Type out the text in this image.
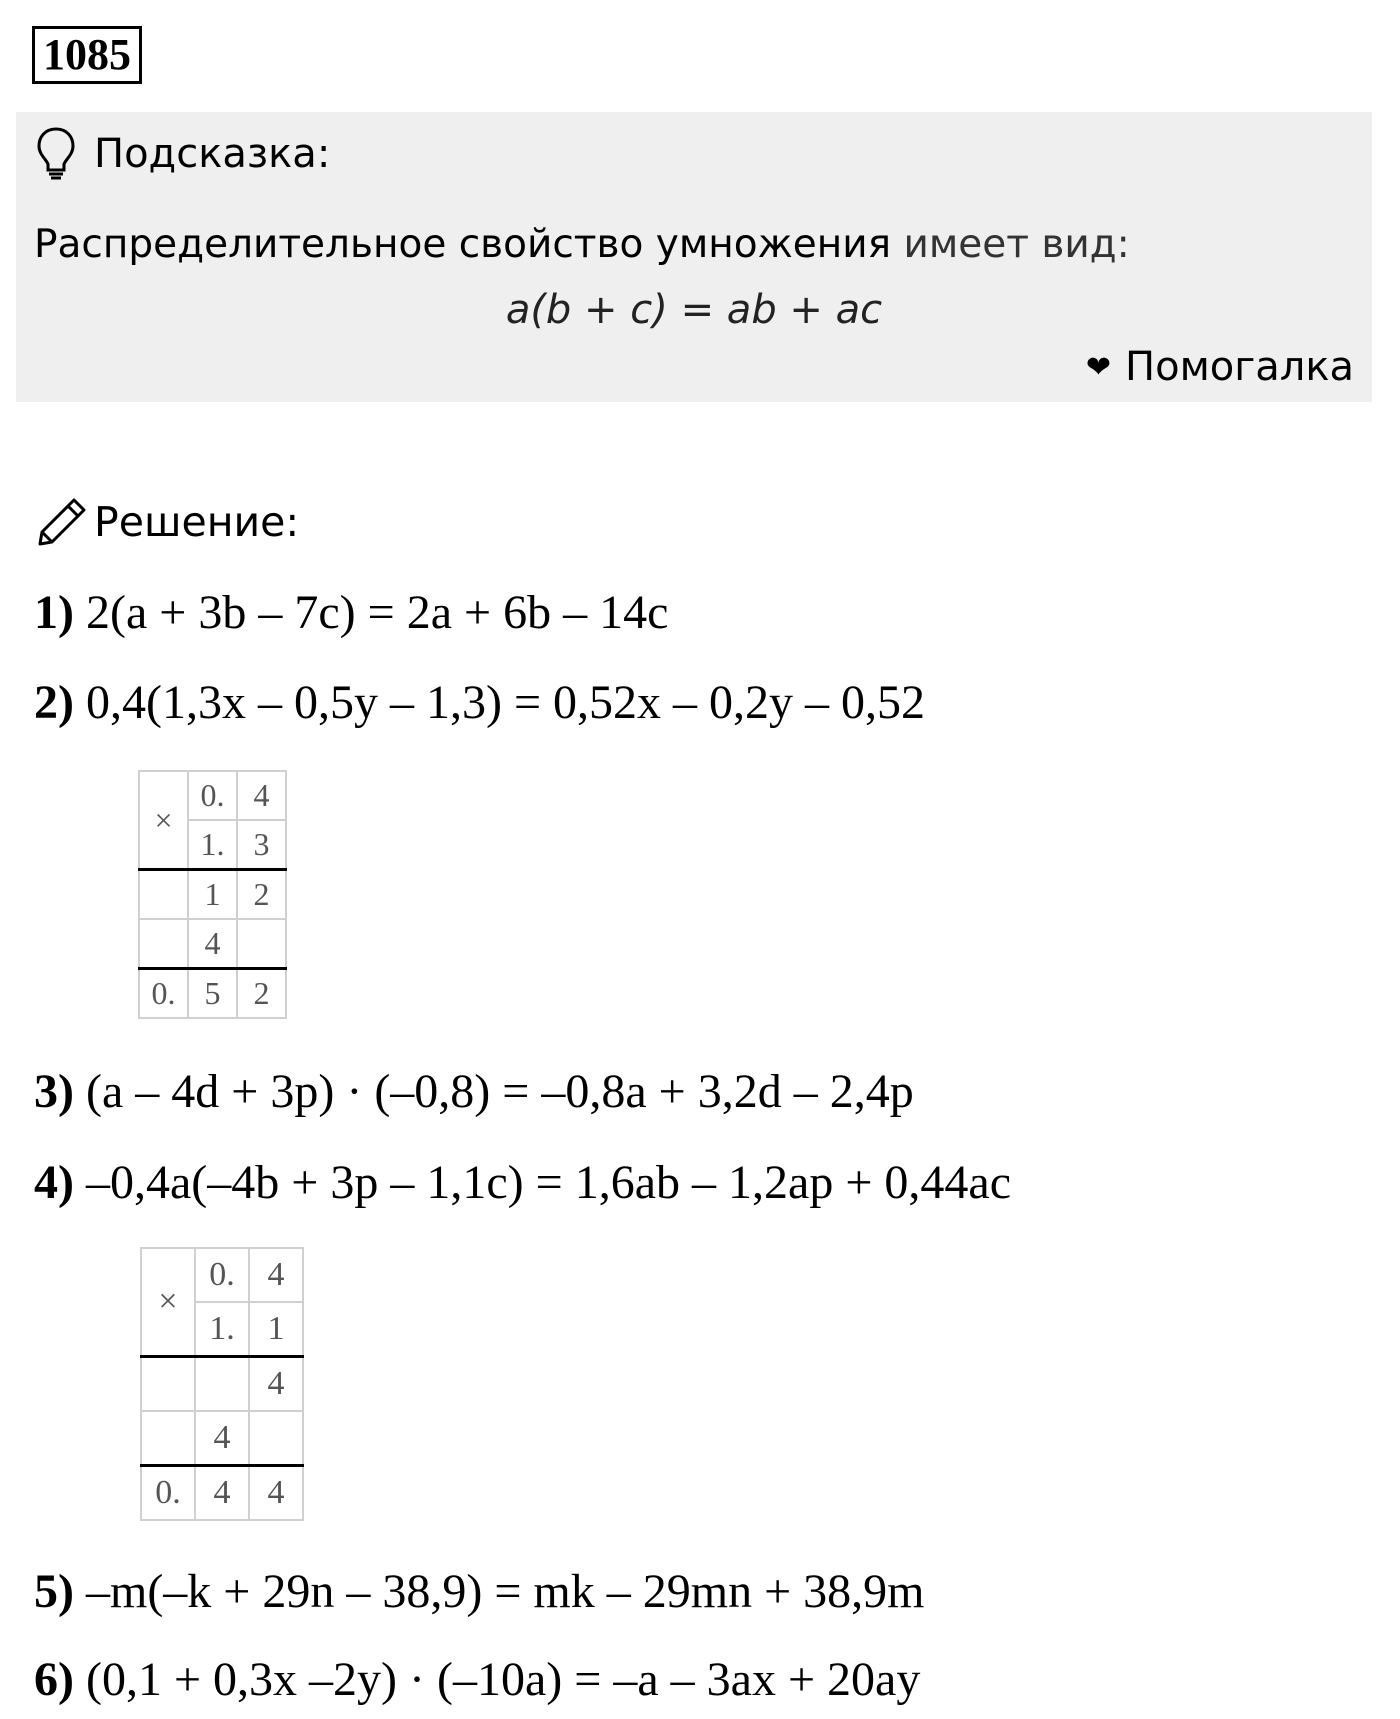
1085
Подсказка:
Распределительное свойство умножения имеет вид:
a(b + c) = ab + ac
❤ Помогалка
Решение:
1) 2(a + 3b – 7c) = 2a + 6b – 14c
2) 0,4(1,3x – 0,5y – 1,3) = 0,52x – 0,2y – 0,52
×	0.	4
	1.	3
	1	2
	4	
0.	5	2
3) (a – 4d + 3p) · (–0,8) = –0,8a + 3,2d – 2,4p
4) –0,4a(–4b + 3p – 1,1c) = 1,6ab – 1,2ap + 0,44ac
×	0.	4
	1.	1
		4
	4	
0.	4	4
5) –m(–k + 29n – 38,9) = mk – 29mn + 38,9m
6) (0,1 + 0,3x –2y) · (–10a) = –a – 3ax + 20ay
